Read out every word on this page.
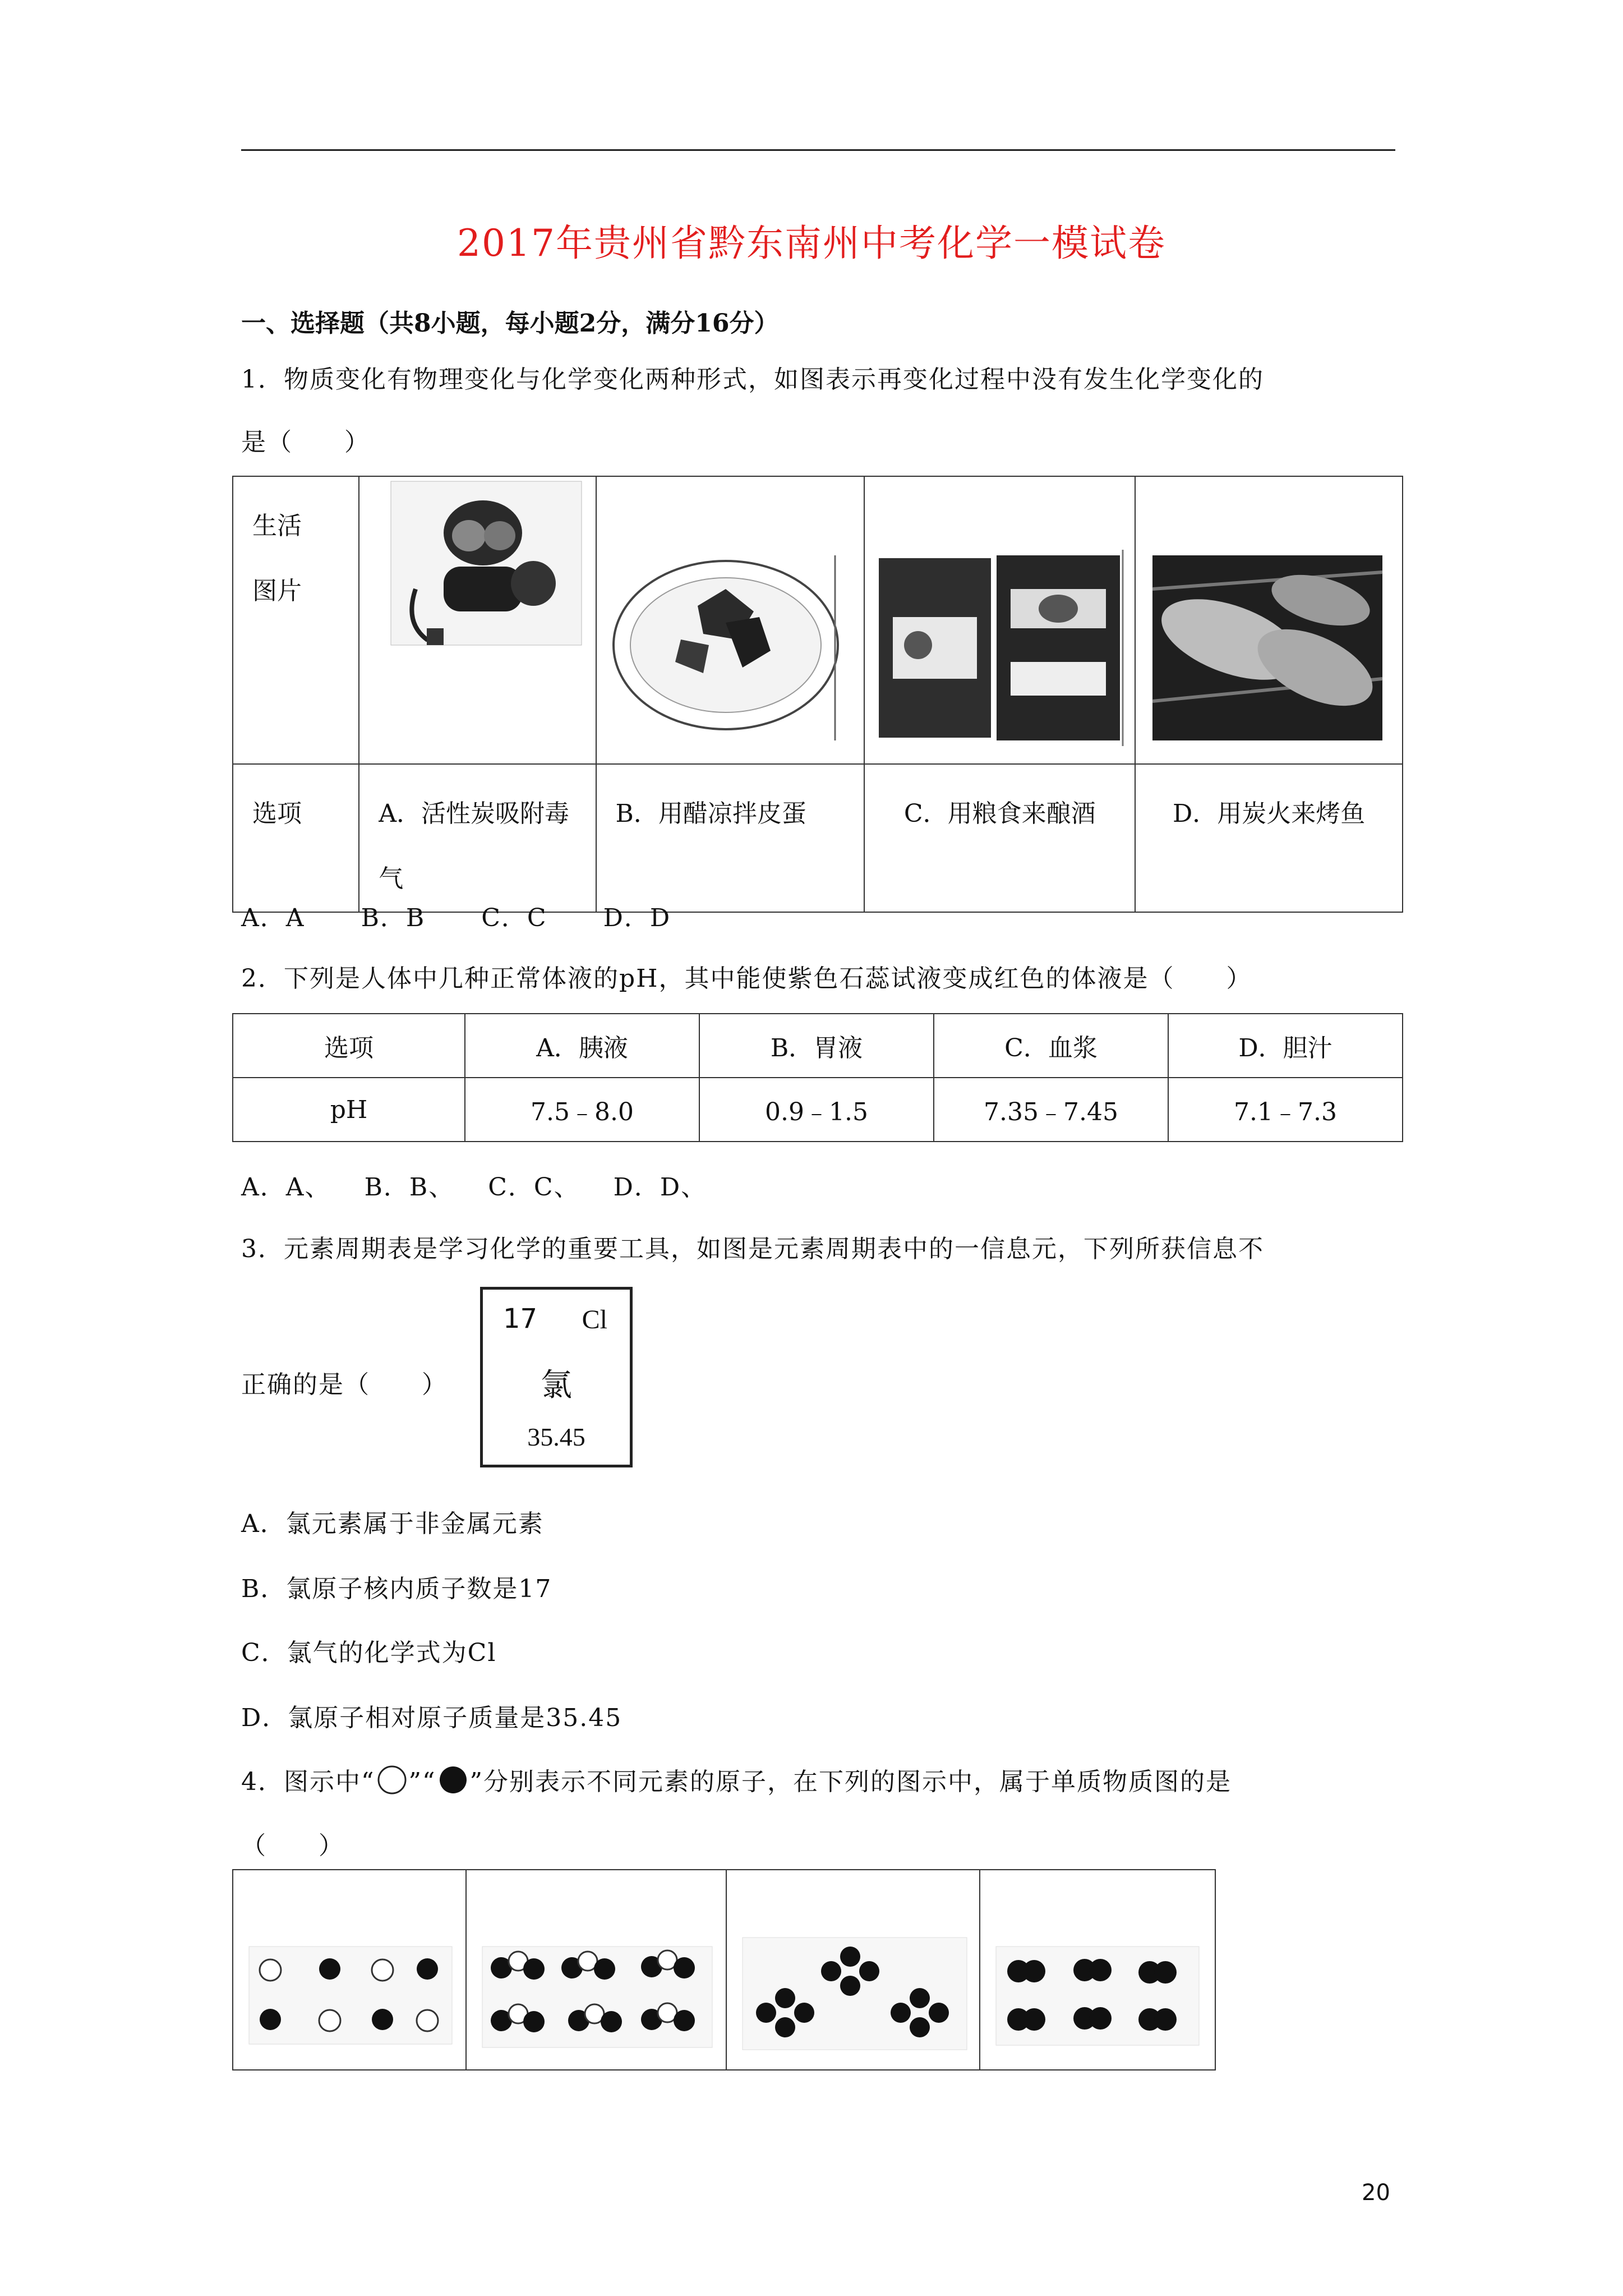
2017年贵州省黔东南州中考化学一模试卷
一、选择题（共8小题，每小题2分，满分16分）
1．物质变化有物理变化与化学变化两种形式，如图表示再变化过程中没有发生化学变化的
是（　　）
生活图片

选项	A．活性炭吸附毒气	B．用醋凉拌皮蛋	C．用粮食来酿酒	D．用炭火来烤鱼
A．A B．B C．C D．D
2．下列是人体中几种正常体液的pH，其中能使紫色石蕊试液变成红色的体液是（　　）
选项	A．胰液	B．胃液	C．血浆	D．胆汁
pH	7.5﹣8.0	0.9﹣1.5	7.35﹣7.45	7.1﹣7.3
A．A、 B．B、 C．C、 D．D、
3．元素周期表是学习化学的重要工具，如图是元素周期表中的一信息元，下列所获信息不
正确的是（　　）
17 Cl
氯
35.45
A．氯元素属于非金属元素
B．氯原子核内质子数是17
C．氯气的化学式为Cl
D．氯原子相对原子质量是35.45
4．图示中“ ”“ ”分别表示不同元素的原子，在下列的图示中，属于单质物质图的是
（　　）

20
